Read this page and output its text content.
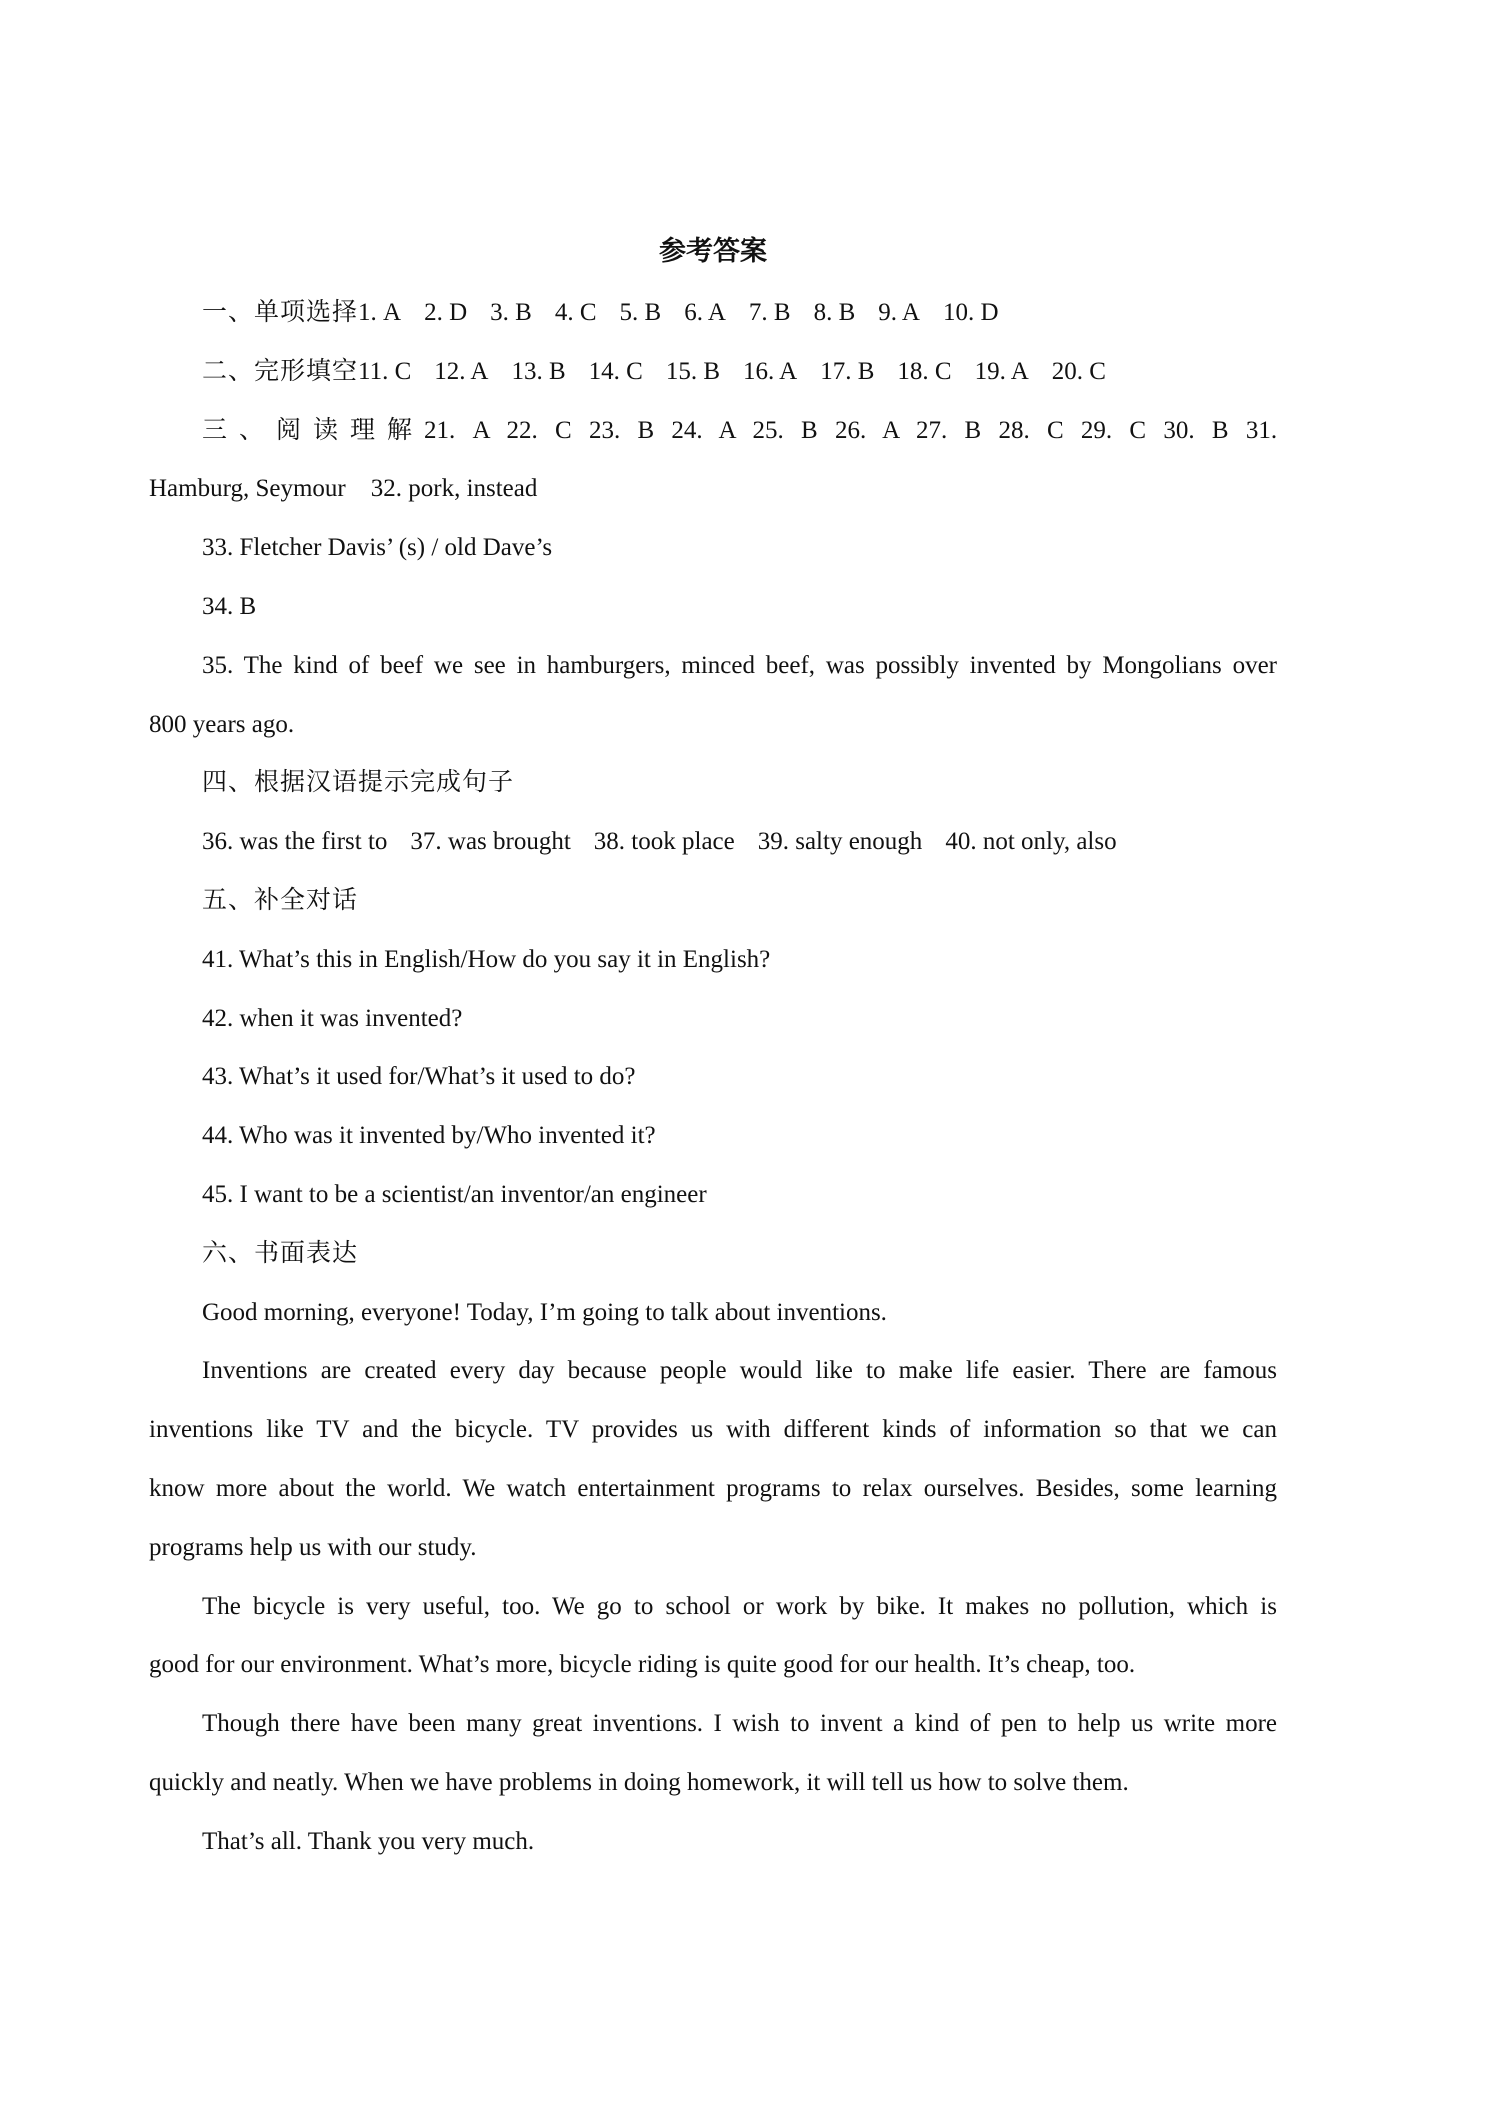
参考答案

一、单项选择1. A 2. D 3. B 4. C 5. B 6. A 7. B 8. B 9. A 10. D

二、完形填空11. C 12. A 13. B 14. C 15. B 16. A 17. B 18. C 19. A 20. C

三、阅读理解21. A 22. C 23. B 24. A 25. B 26. A 27. B 28. C 29. C 30. B 31.

Hamburg, Seymour    32. pork, instead

33. Fletcher Davis’ (s) / old Dave’s

34. B

35. The kind of beef we see in hamburgers, minced beef, was possibly invented by Mongolians over

800 years ago.

四、根据汉语提示完成句子

36. was the first to 37. was brought 38. took place 39. salty enough 40. not only, also

五、补全对话

41. What’s this in English/How do you say it in English?

42. when it was invented?

43. What’s it used for/What’s it used to do?

44. Who was it invented by/Who invented it?

45. I want to be a scientist/an inventor/an engineer

六、书面表达

Good morning, everyone! Today, I’m going to talk about inventions.

Inventions are created every day because people would like to make life easier. There are famous

inventions like TV and the bicycle. TV provides us with different kinds of information so that we can

know more about the world. We watch entertainment programs to relax ourselves. Besides, some learning

programs help us with our study.

The bicycle is very useful, too. We go to school or work by bike. It makes no pollution, which is

good for our environment. What’s more, bicycle riding is quite good for our health. It’s cheap, too.

Though there have been many great inventions. I wish to invent a kind of pen to help us write more

quickly and neatly. When we have problems in doing homework, it will tell us how to solve them.

That’s all. Thank you very much.
